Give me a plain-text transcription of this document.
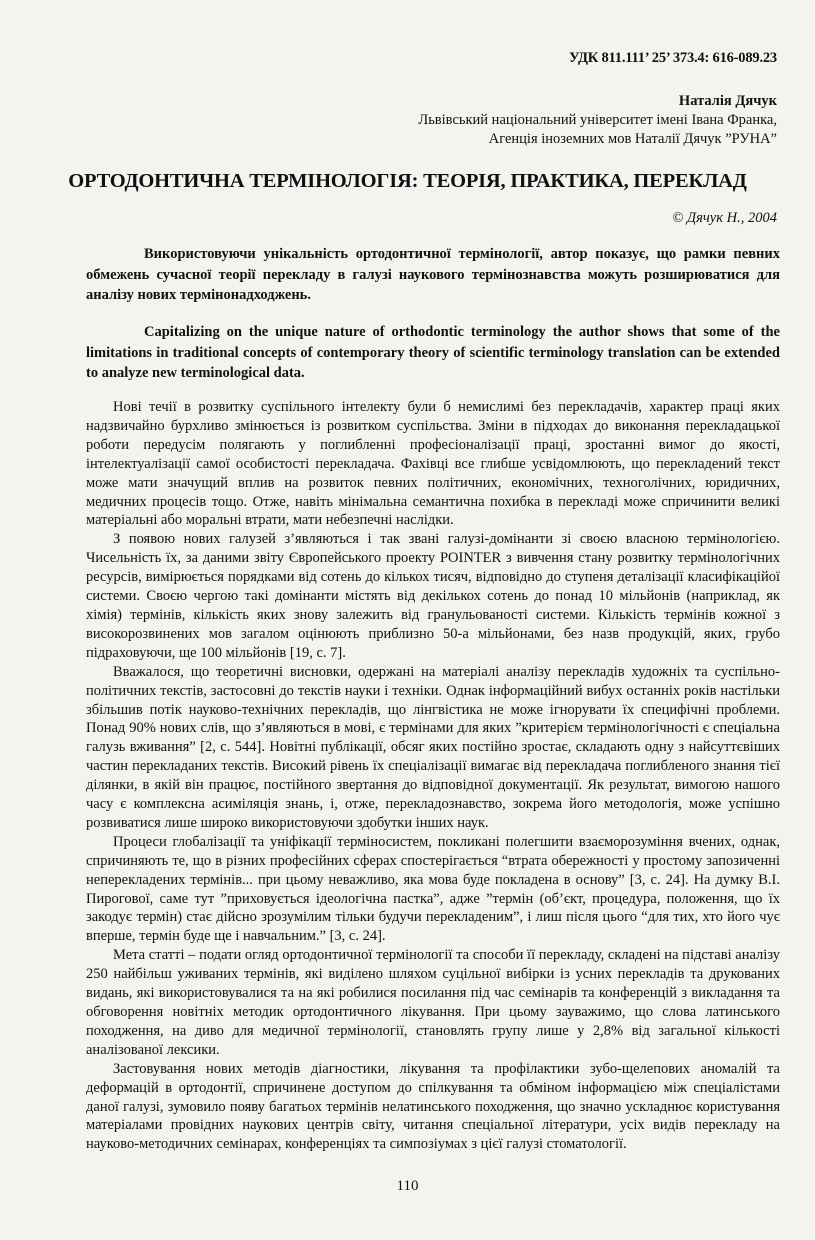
УДК 811.111’ 25’ 373.4: 616-089.23
Наталія Дячук
Львівський національний університет імені Івана Франка,
Агенція іноземних мов Наталії Дячук ”РУНА”
ОРТОДОНТИЧНА ТЕРМІНОЛОГІЯ: ТЕОРІЯ, ПРАКТИКА, ПЕРЕКЛАД
© Дячук Н., 2004

Використовуючи унікальність ортодонтичної термінології, автор показує, що рамки певних обмежень сучасної теорії перекладу в галузі наукового термінознавства можуть розширюватися для аналізу нових термінонадходжень.

Capitalizing on the unique nature of orthodontic terminology the author shows that some of the limitations in traditional concepts of contemporary theory of scientific terminology translation can be extended to analyze new terminological data.

Нові течії в розвитку суспільного інтелекту були б немислимі без перекладачів, характер праці яких надзвичайно бурхливо змінюється із розвитком суспільства. Зміни в підходах до виконання перекладацької роботи передусім полягають у поглибленні професіоналізації праці, зростанні вимог до якості, інтелектуалізації самої особистості перекладача. Фахівці все глибше усвідомлюють, що перекладений текст може мати значущий вплив на розвиток певних політичних, економічних, техноголічних, юридичних, медичних процесів тощо. Отже, навіть мінімальна семантична похибка в перекладі може спричинити великі матеріальні або моральні втрати, мати небезпечні наслідки.

З появою нових галузей з’являються і так звані галузі-домінанти зі своєю власною термінологією. Чисельність їх, за даними звіту Європейського проекту POINTER з вивчення стану розвитку термінологічних ресурсів, вимірюється порядками від сотень до кількох тисяч, відповідно до ступеня деталізації класифікаційої системи. Своєю чергою такі домінанти містять від декількох сотень до понад 10 мільйонів (наприклад, як хімія) термінів, кількість яких знову залежить від гранульованості системи. Кількість термінів кожної з високорозвинених мов загалом оцінюють приблизно 50-а мільйонами, без назв продукцій, яких, грубо підраховуючи, ще 100 мільйонів [19, с. 7].

Вважалося, що теоретичні висновки, одержані на матеріалі аналізу перекладів художніх та суспільно-політичних текстів, застосовні до текстів науки і техніки. Однак інформаційний вибух останніх років настільки збільшив потік науково-технічних перекладів, що лінгвістика не може ігнорувати їх специфічні проблеми. Понад 90% нових слів, що з’являються в мові, є термінами для яких ”критерієм термінологічності є спеціальна галузь вживання” [2, с. 544]. Новітні публікації, обсяг яких постійно зростає, складають одну з найсуттєвіших частин перекладаних текстів. Високий рівень їх спеціалізації вимагає від перекладача поглибленого знання тієї ділянки, в якій він працює, постійного звертання до відповідної документації. Як результат, вимогою нашого часу є комплексна асиміляція знань, і, отже, перекладознавство, зокрема його методологія, може успішно розвиватися лише широко використовуючи здобутки інших наук.

Процеси глобалізації та уніфікації терміносистем, покликані полегшити взаєморозуміння вчених, однак, спричиняють те, що в різних професійних сферах спостерігається “втрата обережності у простому запозиченні неперекладених термінів... при цьому неважливо, яка мова буде покладена в основу” [3, с. 24]. На думку В.І. Пирогової, саме тут ”приховується ідеологічна пастка”, адже ”термін (об’єкт, процедура, положення, що їх закодує термін) стає дійсно зрозумілим тільки будучи перекладеним”, і лиш після цього “для тих, хто його чує вперше, термін буде ще і навчальним.” [3, с. 24].

Мета статті – подати огляд ортодонтичної термінології та способи її перекладу, складені на підставі аналізу 250 найбільш уживаних термінів, які виділено шляхом суцільної вибірки із усних перекладів та друкованих видань, які використовувалися та на які робилися посилання під час семінарів та конференцій з викладання та обговорення новітніх методик ортодонтичного лікування. При цьому зауважимо, що слова латинського походження, на диво для медичної термінології, становлять групу лише у 2,8% від загальної кількості аналізованої лексики.

Застовування нових методів діагностики, лікування та профілактики зубо-щелепових аномалій та деформацій в ортодонтії, спричинене доступом до спілкування та обміном інформацією між спеціалістами даної галузі, зумовило появу багатьох термінів нелатинського походження, що значно ускладнює користування матеріалами провідних наукових центрів світу, читання спеціальної літератури, усіх видів перекладу на науково-методичних семінарах, конференціях та симпозіумах з цієї галузі стоматології.

110
